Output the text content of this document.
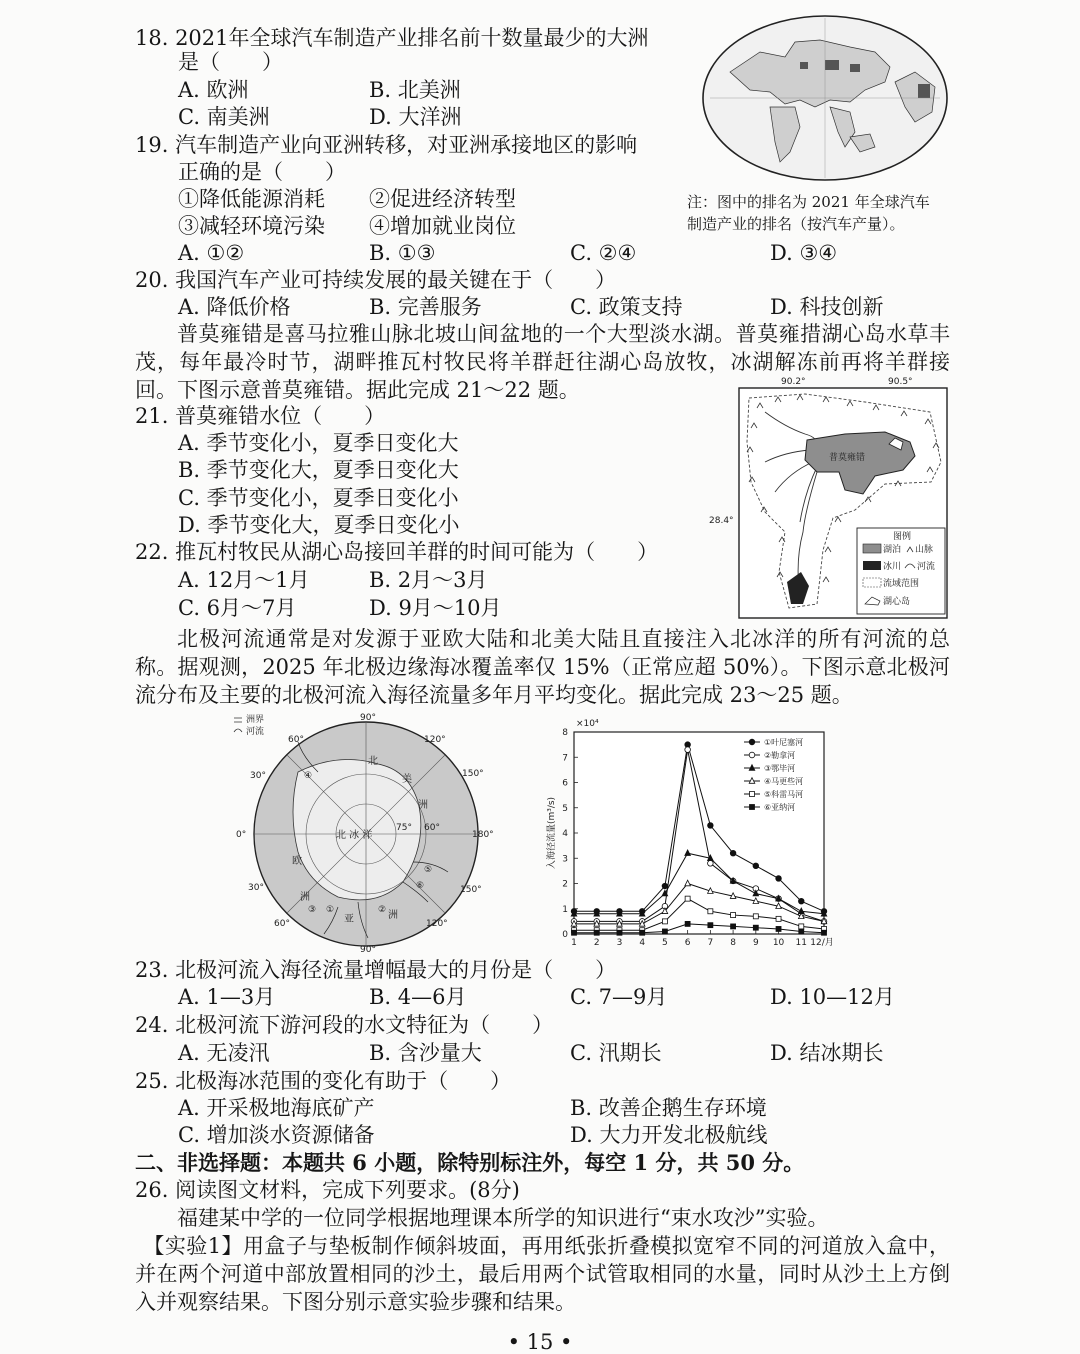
18. 2021年全球汽车制造产业排名前十数量最少的大洲
是（　　）
A. 欧洲	B. 北美洲
C. 南美洲	D. 大洋洲
19. 汽车制造产业向亚洲转移，对亚洲承接地区的影响
正确的是（　　）
①降低能源消耗 ②促进经济转型
③减轻环境污染 ④增加就业岗位
A. ①②	B. ①③	C. ②④	D. ③④
注：图中的排名为 2021 年全球汽车
制造产业的排名（按汽车产量）。
20. 我国汽车产业可持续发展的最关键在于（　　）
A. 降低价格	B. 完善服务	C. 政策支持	D. 科技创新
普莫雍错是喜马拉雅山脉北坡山间盆地的一个大型淡水湖。普莫雍措湖心岛水草丰茂，每年最冷时节，湖畔推瓦村牧民将羊群赶往湖心岛放牧，冰湖解冻前再将羊群接回。下图示意普莫雍错。据此完成 21～22 题。
21. 普莫雍错水位（　　）
A. 季节变化小，夏季日变化大
B. 季节变化大，夏季日变化大
C. 季节变化小，夏季日变化小
D. 季节变化大，夏季日变化小
22. 推瓦村牧民从湖心岛接回羊群的时间可能为（　　）
A. 12月～1月	B. 2月～3月
C. 6月～7月	D. 9月～10月
90.2°	90.5°
28.4°
普莫雍错
图例
湖泊 山脉
冰川 河流
流域范围
湖心岛
北极河流通常是对发源于亚欧大陆和北美大陆且直接注入北冰洋的所有河流的总称。据观测，2025 年北极边缘海冰覆盖率仅 15%（正常应超 50%）。下图示意北极河流分布及主要的北极河流入海径流量多年月平均变化。据此完成 23～25 题。
洲界
河流
90°
60°	120°
30°	150°
0°	180°
30°	150°
60°
90°
120°
75° 60°
北 冰 洋
北
美
洲
欧
洲
亚	洲
①	②
③
④
⑤
⑥
0
1
2
3
4
5
6
7
8
1 2 3 4 5 6 7 8 9 10 11 12/月
×10⁴
入海径流量(m³/s)
①叶尼塞河
②勒拿河
③鄂毕河
④马更些河
⑤科雷马河
⑥亚纳河
23. 北极河流入海径流量增幅最大的月份是（　　）
A. 1—3月	B. 4—6月	C. 7—9月	D. 10—12月
24. 北极河流下游河段的水文特征为（　　）
A. 无凌汛	B. 含沙量大	C. 汛期长	D. 结冰期长
25. 北极海冰范围的变化有助于（　　）
A. 开采极地海底矿产	B. 改善企鹅生存环境
C. 增加淡水资源储备	D. 大力开发北极航线
二、非选择题：本题共 6 小题，除特别标注外，每空 1 分，共 50 分。
26. 阅读图文材料，完成下列要求。(8分)
福建某中学的一位同学根据地理课本所学的知识进行“束水攻沙”实验。
【实验1】用盒子与垫板制作倾斜坡面，再用纸张折叠模拟宽窄不同的河道放入盒中，并在两个河道中部放置相同的沙土，最后用两个试管取相同的水量，同时从沙土上方倒入并观察结果。下图分别示意实验步骤和结果。
• 15 •
